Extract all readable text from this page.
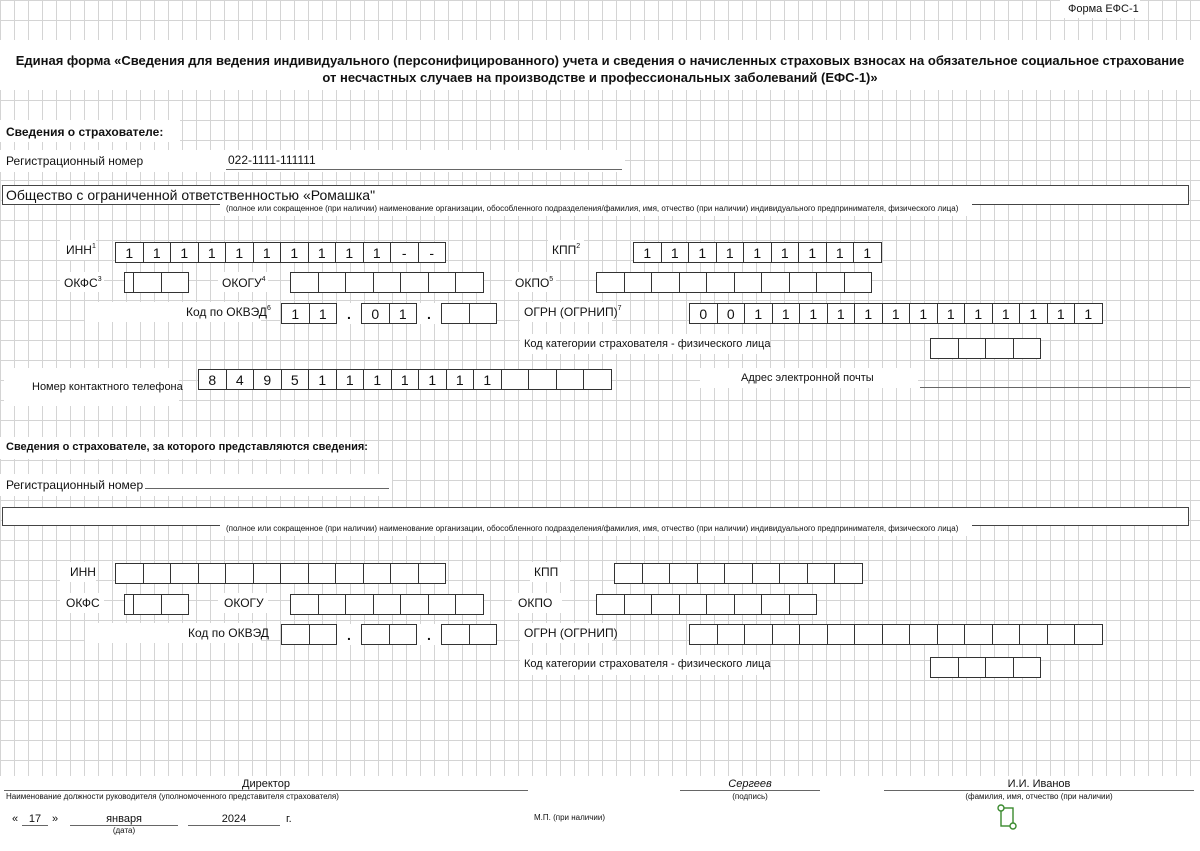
Форма ЕФС-1
Единая форма «Сведения для ведения индивидуального (персонифицированного) учета и сведения о начисленных страховых взносах на обязательное социальное страхование от несчастных случаев на производстве и профессиональных заболеваний (ЕФС-1)»
Сведения о страхователе:
Регистрационный номер	022-1111-111111
Общество с ограниченной ответственностью «Ромашка"
(полное или сокращенное (при наличии) наименование организации, обособленного подразделения/фамилия, имя, отчество (при наличии) индивидуального предпринимателя, физического лица)
ИНН$^1$	1	1	1	1	1	1	1	1	1	1	-	-	КПП$^2$	1	1	1	1	1	1	1	1	1
ОКФС$^3$	ОКОГУ$^4$	ОКПО$^5$
Код по ОКВЭД$^6$	1	1	.	0	1	.	ОГРН (ОГРНИП)$^7$	0	0	1	1	1	1	1	1	1	1	1	1	1	1	1
Код категории страхователя - физического лица
Номер контактного телефона	8	4	9	5	1	1	1	1	1	1	1	Адрес электронной почты
Сведения о страхователе, за которого представляются сведения:
Регистрационный номер
(полное или сокращенное (при наличии) наименование организации, обособленного подразделения/фамилия, имя, отчество (при наличии) индивидуального предпринимателя, физического лица)
ИНН	КПП
ОКФС	ОКОГУ	ОКПО
Код по ОКВЭД	.	.	ОГРН (ОГРНИП)
Код категории страхователя - физического лица
Директор
Наименование должности руководителя (уполномоченного представителя страхователя)
Сергеев
(подпись)
И.И. Иванов
(фамилия, имя, отчество (при наличии)
« 17 »	января
(дата)
2024	г.	М.П. (при наличии)
